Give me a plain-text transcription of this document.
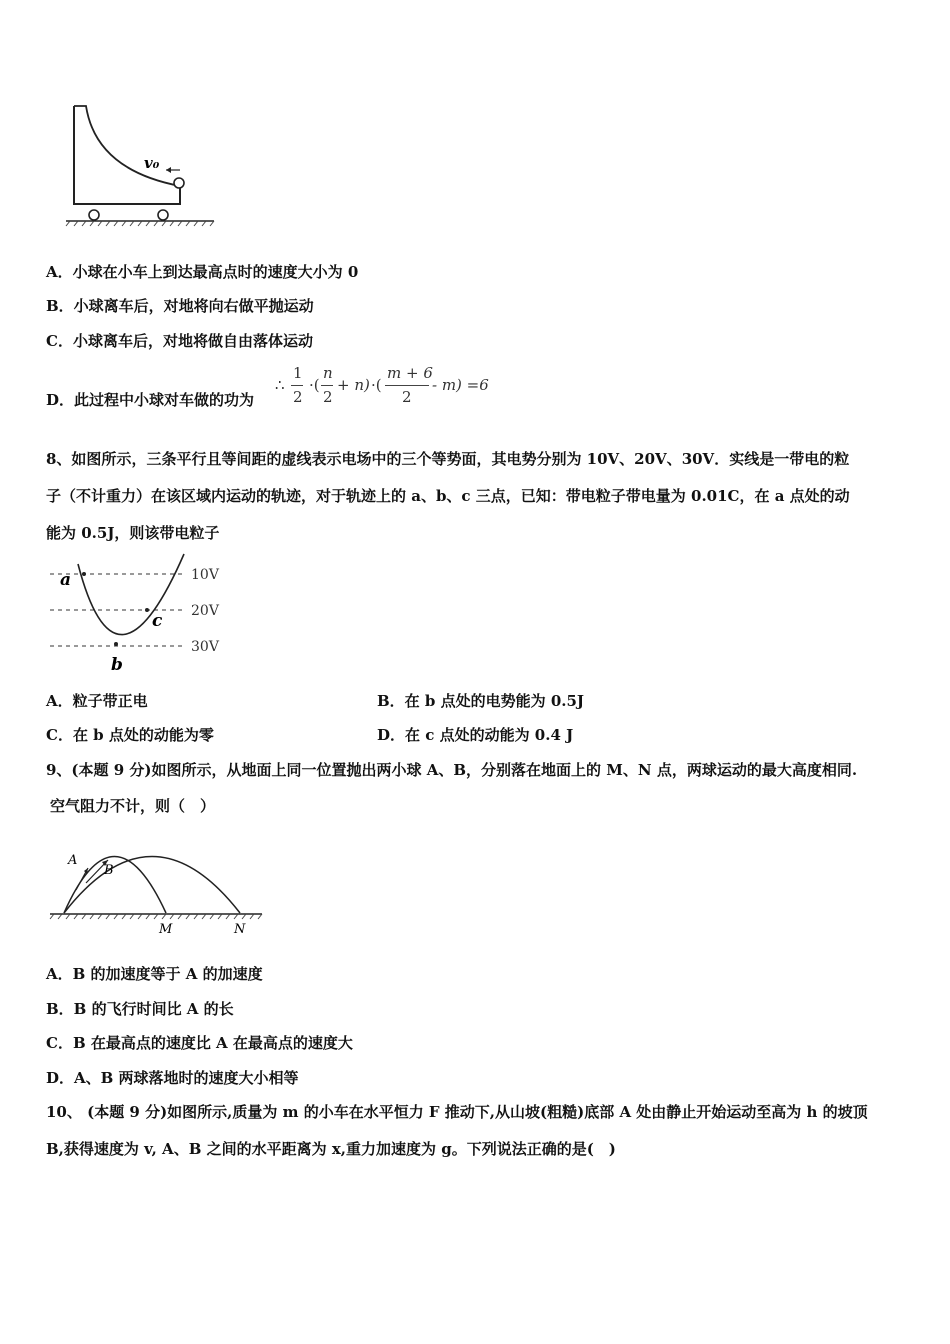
v₀
A．小球在小车上到达最高点时的速度大小为 0
B．小球离车后，对地将向右做平抛运动
C．小球离车后，对地将做自由落体运动
D．此过程中小球对车做的功为
∴
1
2
·(
n
2
+ n) ·(
m + 6
2
- m) =6
8、如图所示，三条平行且等间距的虚线表示电场中的三个等势面，其电势分别为 10V、20V、30V．实线是一带电的粒
子（不计重力）在该区域内运动的轨迹，对于轨迹上的 a、b、c 三点，已知：带电粒子带电量为 0.01C，在 a 点处的动
能为 0.5J，则该带电粒子
10V
20V
30V
a
b
c
A．粒子带正电	B．在 b 点处的电势能为 0.5J
C．在 b 点处的动能为零	D．在 c 点处的动能为 0.4 J
9、(本题 9 分)如图所示，从地面上同一位置抛出两小球 A、B，分别落在地面上的 M、N 点，两球运动的最大高度相同.
空气阻力不计，则（　）
A
B
M	N
A．B 的加速度等于 A 的加速度
B．B 的飞行时间比 A 的长
C．B 在最高点的速度比 A 在最高点的速度大
D．A、B 两球落地时的速度大小相等
10、 (本题 9 分)如图所示,质量为 m 的小车在水平恒力 F 推动下,从山坡(粗糙)底部 A 处由静止开始运动至高为 h 的坡顶
B,获得速度为 v, A、B 之间的水平距离为 x,重力加速度为 g。下列说法正确的是(　)
